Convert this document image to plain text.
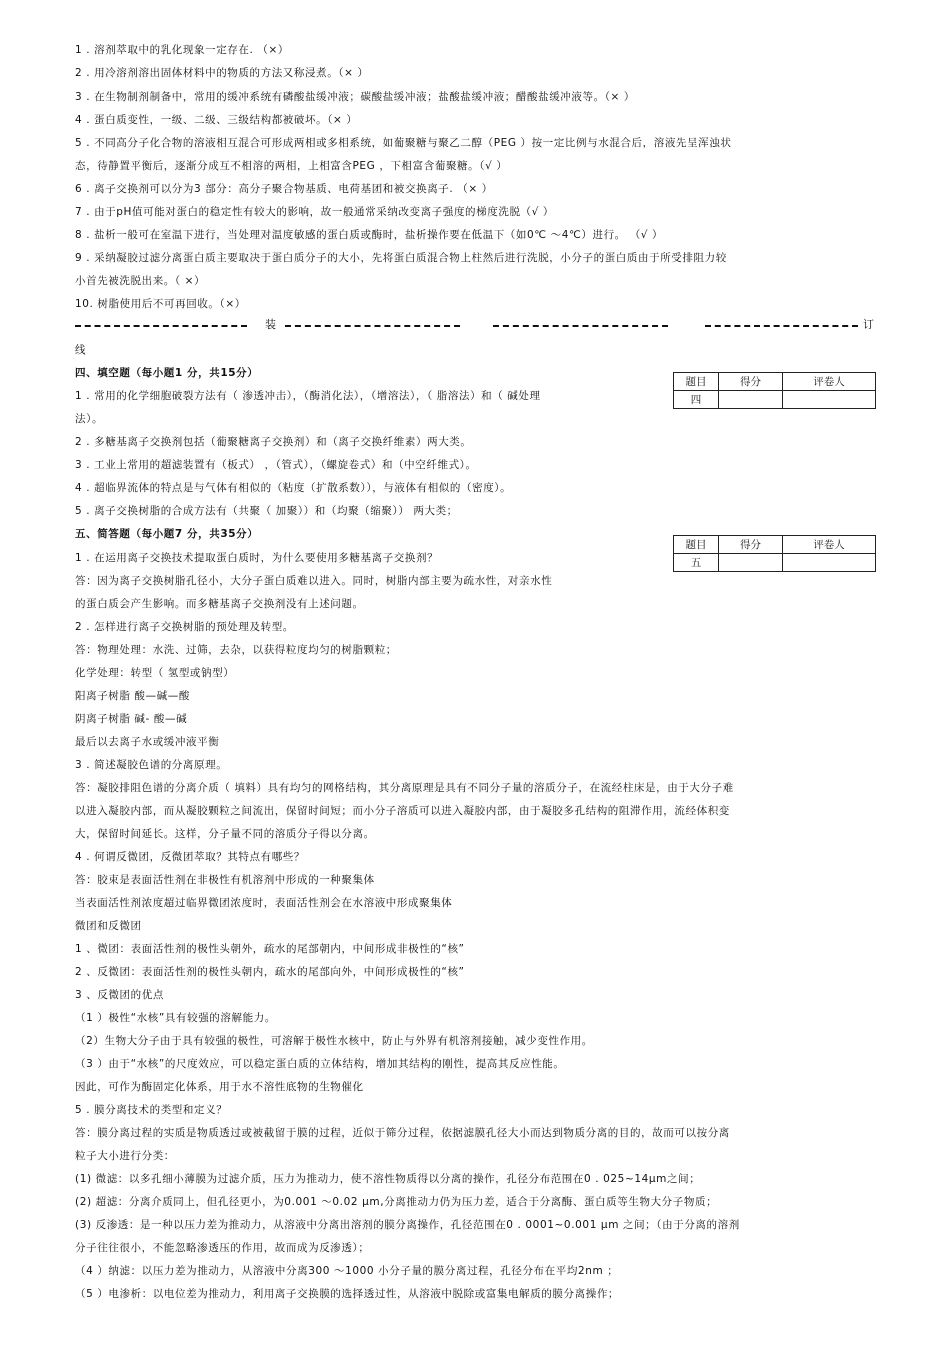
1 . 溶剂萃取中的乳化现象一定存在. （×）
2 . 用冷溶剂溶出固体材料中的物质的方法又称浸煮。（× ）
3 . 在生物制剂制备中，常用的缓冲系统有磷酸盐缓冲液；碳酸盐缓冲液；盐酸盐缓冲液；醋酸盐缓冲液等。（× ）
4 . 蛋白质变性，一级、二级、三级结构都被破坏。（× ）
5 . 不同高分子化合物的溶液相互混合可形成两相或多相系统，如葡聚糖与聚乙二醇（PEG ）按一定比例与水混合后，溶液先呈浑浊状
态，待静置平衡后，逐渐分成互不相溶的两相，上相富含PEG ，下相富含葡聚糖。（√ ）
6 . 离子交换剂可以分为3 部分：高分子聚合物基质、电荷基团和被交换离子. （× ）
7 . 由于pH值可能对蛋白的稳定性有较大的影响，故一般通常采纳改变离子强度的梯度洗脱（√ ）
8 . 盐析一般可在室温下进行，当处理对温度敏感的蛋白质或酶时，盐析操作要在低温下（如0℃ ～4℃）进行。 （√ ）
9 . 采纳凝胶过滤分离蛋白质主要取决于蛋白质分子的大小，先将蛋白质混合物上柱然后进行洗脱，小分子的蛋白质由于所受排阻力较
小首先被洗脱出来。（ ×）
10. 树脂使用后不可再回收。（×）
装	订
线
四、填空题（每小题1 分，共15分）
题目	得分	评卷人
四		
1 . 常用的化学细胞破裂方法有（ 渗透冲击），（酶消化法），（增溶法），（ 脂溶法）和（ 碱处理
法）。
2 . 多糖基离子交换剂包括（葡聚糖离子交换剂）和（离子交换纤维素）两大类。
3 . 工业上常用的超滤装置有（板式） ，（管式），（螺旋卷式）和（中空纤维式）。
4 . 超临界流体的特点是与气体有相似的（粘度（扩散系数）），与液体有相似的（密度）。
5 . 离子交换树脂的合成方法有（共聚（ 加聚））和（均聚（缩聚）） 两大类；
五、简答题（每小题7 分，共35分）
题目	得分	评卷人
五		
1 . 在运用离子交换技术提取蛋白质时，为什么要使用多糖基离子交换剂？
答：因为离子交换树脂孔径小，大分子蛋白质难以进入。同时，树脂内部主要为疏水性，对亲水性
的蛋白质会产生影响。而多糖基离子交换剂没有上述问题。
2 . 怎样进行离子交换树脂的预处理及转型。
答：物理处理：水洗、过筛，去杂，以获得粒度均匀的树脂颗粒；
化学处理：转型（ 氢型或钠型）
阳离子树脂 酸—碱—酸
阴离子树脂 碱- 酸—碱
最后以去离子水或缓冲液平衡
3 . 简述凝胶色谱的分离原理。
答：凝胶排阻色谱的分离介质（ 填料）具有均匀的网格结构，其分离原理是具有不同分子量的溶质分子，在流经柱床是，由于大分子难
以进入凝胶内部，而从凝胶颗粒之间流出，保留时间短；而小分子溶质可以进入凝胶内部，由于凝胶多孔结构的阻滞作用，流经体积变
大，保留时间延长。这样，分子量不同的溶质分子得以分离。
4 . 何谓反微团，反微团萃取？其特点有哪些？
答：胶束是表面活性剂在非极性有机溶剂中形成的一种聚集体
当表面活性剂浓度超过临界微团浓度时，表面活性剂会在水溶液中形成聚集体
微团和反微团
1 、微团：表面活性剂的极性头朝外，疏水的尾部朝内，中间形成非极性的“核”
2 、反微团：表面活性剂的极性头朝内，疏水的尾部向外，中间形成极性的“核”
3 、反微团的优点
（1 ）极性“水核”具有较强的溶解能力。
（2）生物大分子由于具有较强的极性，可溶解于极性水核中，防止与外界有机溶剂接触，减少变性作用。
（3 ）由于“水核”的尺度效应，可以稳定蛋白质的立体结构，增加其结构的刚性，提高其反应性能。
因此，可作为酶固定化体系，用于水不溶性底物的生物催化
5 . 膜分离技术的类型和定义？
答：膜分离过程的实质是物质透过或被截留于膜的过程，近似于筛分过程，依据滤膜孔径大小而达到物质分离的目的，故而可以按分离
粒子大小进行分类：
(1) 微滤：以多孔细小薄膜为过滤介质，压力为推动力，使不溶性物质得以分离的操作，孔径分布范围在0 . 025~14μm之间；
(2) 超滤：分离介质同上，但孔径更小，为0.001 ～0.02 μm,分离推动力仍为压力差，适合于分离酶、蛋白质等生物大分子物质；
(3) 反渗透：是一种以压力差为推动力，从溶液中分离出溶剂的膜分离操作，孔径范围在0 . 0001~0.001 μm 之间；（由于分离的溶剂
分子往往很小，不能忽略渗透压的作用，故而成为反渗透）；
（4 ）纳滤：以压力差为推动力，从溶液中分离300 ～1000 小分子量的膜分离过程，孔径分布在平均2nm ；
（5 ）电渗析：以电位差为推动力，利用离子交换膜的选择透过性，从溶液中脱除或富集电解质的膜分离操作；
